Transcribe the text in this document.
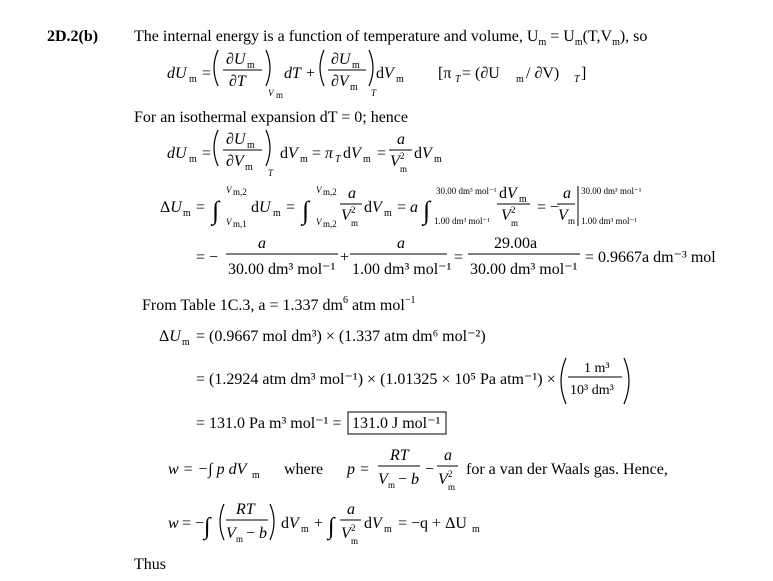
2D.2(b) The internal energy is a function of temperature and volume, $U_m = U_m(T,V_m)$, so
dU m =
∂U m
∂T
V m
dT +
∂U m
∂V m T
dV m [π T = (∂U m / ∂V) T ]
For an isothermal expansion dT = 0; hence
dU m =
∂U m
∂V m T
dV m = π T dV m =
a
V 2
m
dV m
ΔU m = ∫
V m,2
V m,1
dU m = ∫
V m,2
V m,2
a
V 2
m
dV m = a ∫
30.00 dm³ mol⁻¹
1.00 dm³ mol⁻¹
dV m
V 2
m
= −
a
V m
30.00 dm³ mol⁻¹
1.00 dm³ mol⁻¹
= −
a
30.00 dm³ mol⁻¹
+
a
1.00 dm³ mol⁻¹
=
29.00a
30.00 dm³ mol⁻¹
= 0.9667a dm⁻³ mol
From Table 1C.3, a = 1.337 $dm^6$ atm mol$^{-1}$
ΔU m = (0.9667 mol dm³) × (1.337 atm dm⁶ mol⁻²)
= (1.2924 atm dm³ mol⁻¹) × (1.01325 × 10⁵ Pa atm⁻¹) ×
1 m³
10³ dm³
= 131.0 Pa m³ mol⁻¹ = 131.0 J mol⁻¹
w = −∫ p dV m where p =
RT
V m − b
−
a
V 2
m
for a van der Waals gas. Hence,
w = − ∫
RT
V m − b
dV m + ∫
a
V 2
m
dV m = −q + ΔU m
Thus
